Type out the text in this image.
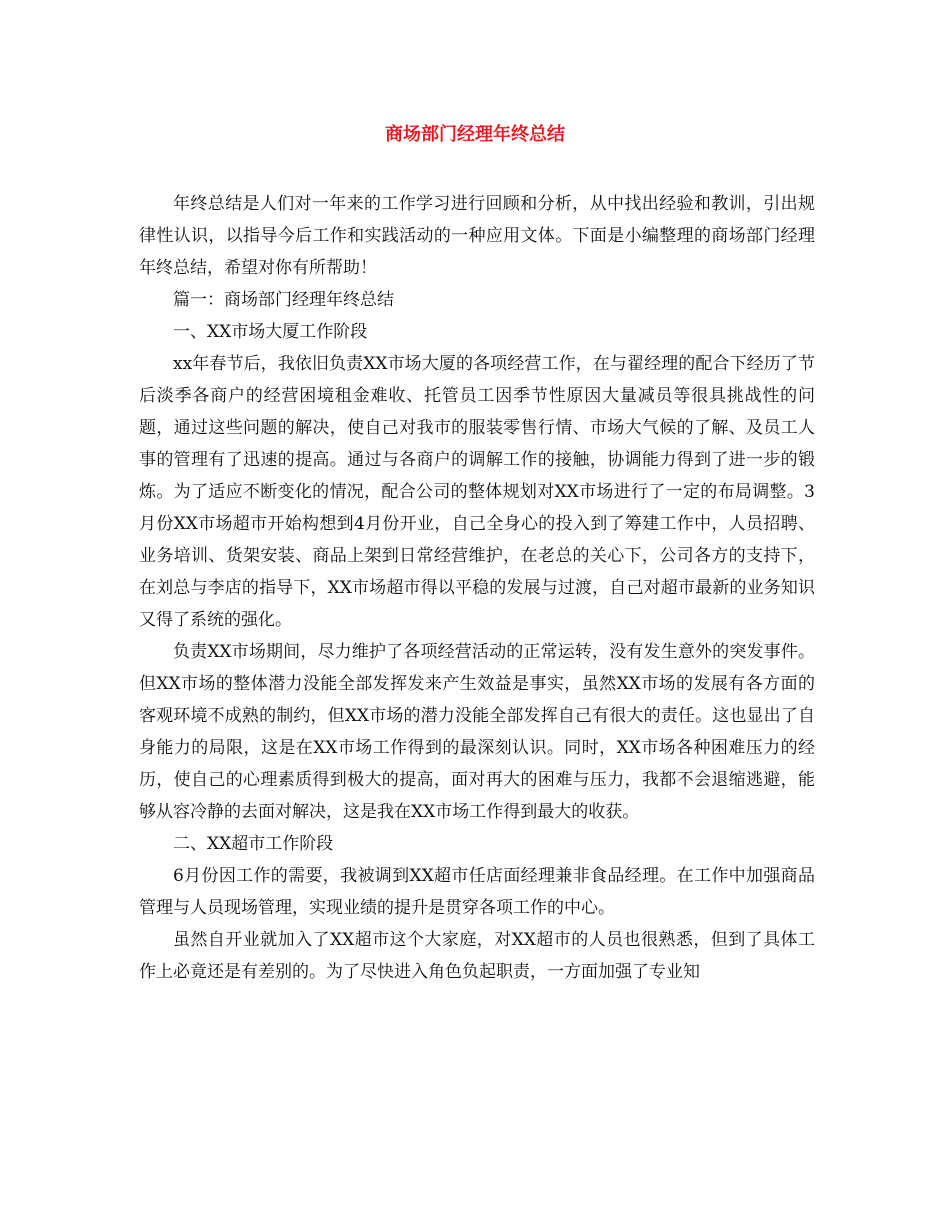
商场部门经理年终总结

年终总结是人们对一年来的工作学习进行回顾和分析，从中找出经验和教训，引出规律性认识，以指导今后工作和实践活动的一种应用文体。下面是小编整理的商场部门经理年终总结，希望对你有所帮助！

篇一：商场部门经理年终总结

一、XX市场大厦工作阶段

xx年春节后，我依旧负责XX市场大厦的各项经营工作，在与翟经理的配合下经历了节后淡季各商户的经营困境租金难收、托管员工因季节性原因大量减员等很具挑战性的问题，通过这些问题的解决，使自己对我市的服装零售行情、市场大气候的了解、及员工人事的管理有了迅速的提高。通过与各商户的调解工作的接触，协调能力得到了进一步的锻炼。为了适应不断变化的情况，配合公司的整体规划对XX市场进行了一定的布局调整。3月份XX市场超市开始构想到4月份开业，自己全身心的投入到了筹建工作中，人员招聘、业务培训、货架安装、商品上架到日常经营维护，在老总的关心下，公司各方的支持下，在刘总与李店的指导下，XX市场超市得以平稳的发展与过渡，自己对超市最新的业务知识又得了系统的强化。

负责XX市场期间，尽力维护了各项经营活动的正常运转，没有发生意外的突发事件。但XX市场的整体潜力没能全部发挥发来产生效益是事实，虽然XX市场的发展有各方面的客观环境不成熟的制约，但XX市场的潜力没能全部发挥自己有很大的责任。这也显出了自身能力的局限，这是在XX市场工作得到的最深刻认识。同时，XX市场各种困难压力的经历，使自己的心理素质得到极大的提高，面对再大的困难与压力，我都不会退缩逃避，能够从容冷静的去面对解决，这是我在XX市场工作得到最大的收获。

二、XX超市工作阶段

6月份因工作的需要，我被调到XX超市任店面经理兼非食品经理。在工作中加强商品管理与人员现场管理，实现业绩的提升是贯穿各项工作的中心。

虽然自开业就加入了XX超市这个大家庭，对XX超市的人员也很熟悉，但到了具体工作上必竟还是有差别的。为了尽快进入角色负起职责，一方面加强了专业知
